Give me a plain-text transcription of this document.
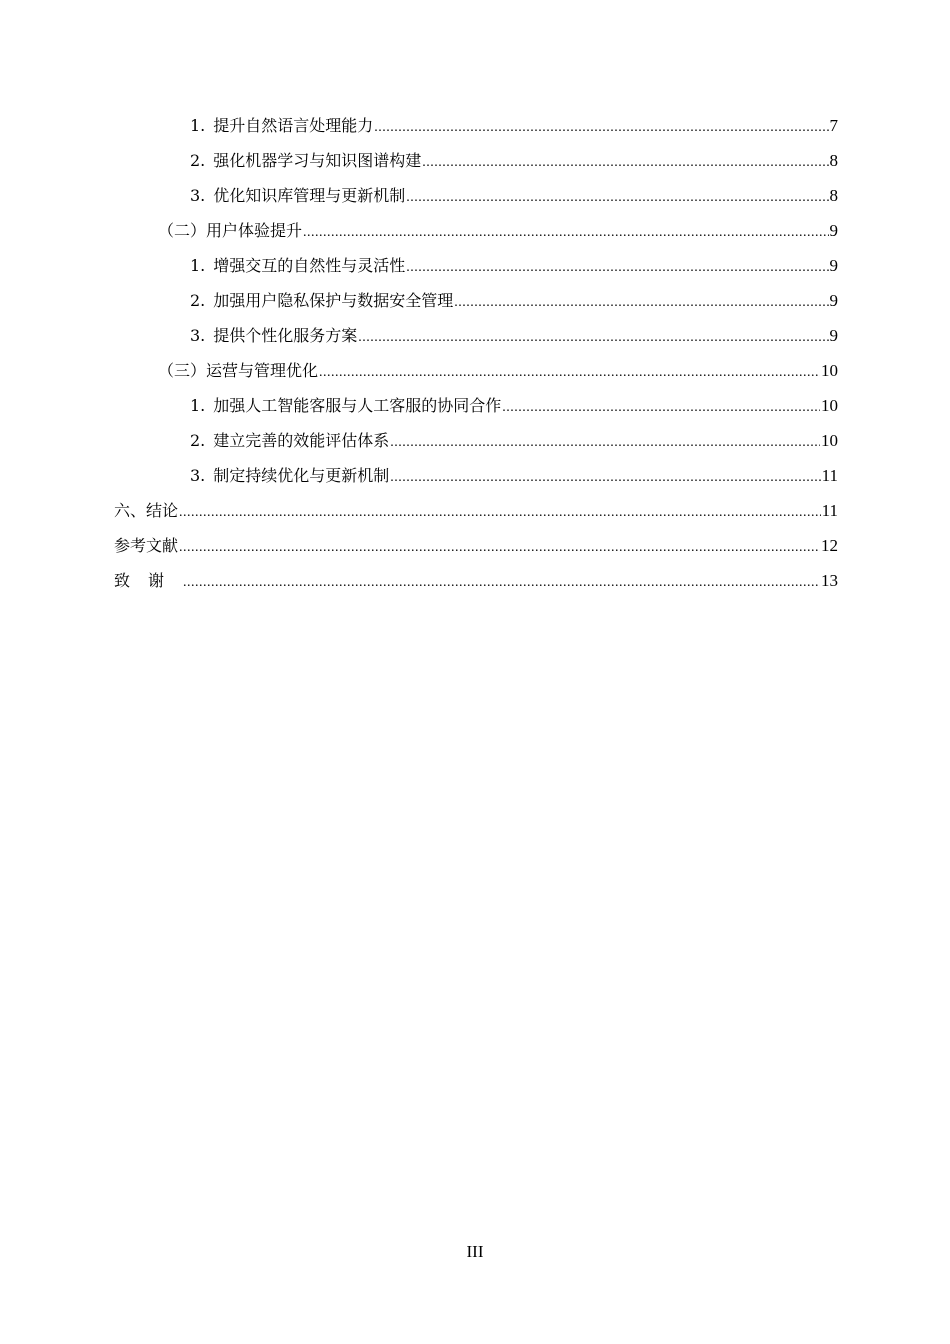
1. 提升自然语言处理能力 .....	7
2. 强化机器学习与知识图谱构建 .....	8
3. 优化知识库管理与更新机制 .....	8
（二）用户体验提升 .....	9
1. 增强交互的自然性与灵活性 .....	9
2. 加强用户隐私保护与数据安全管理 .....	9
3. 提供个性化服务方案 .....	9
（三）运营与管理优化 .....	10
1. 加强人工智能客服与人工客服的协同合作 .....	10
2. 建立完善的效能评估体系 .....	10
3. 制定持续优化与更新机制 .....	11
六、结论 .....	11
参考文献 .....	12
致谢 .....	13
III
